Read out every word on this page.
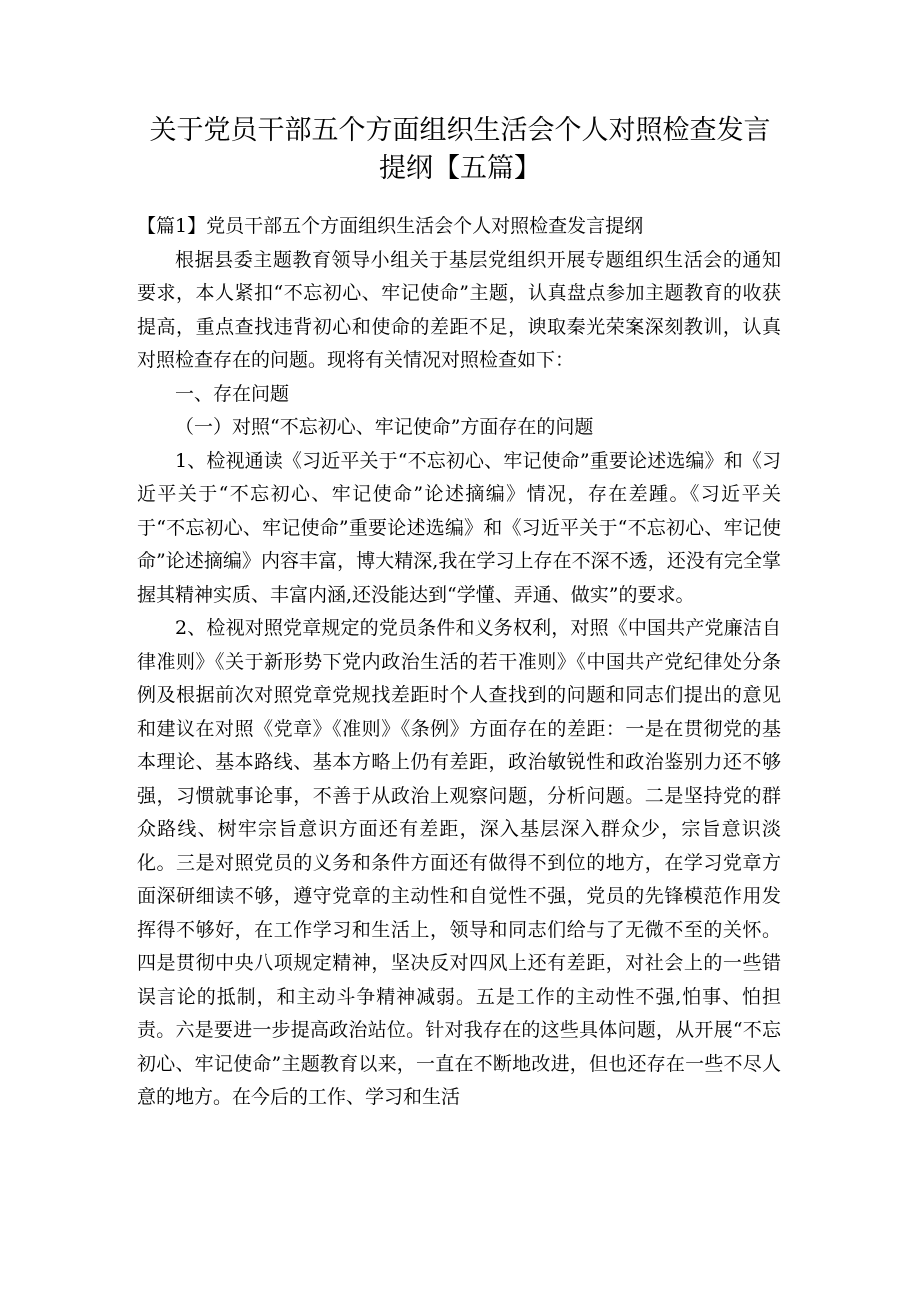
关于党员干部五个方面组织生活会个人对照检查发言
提纲【五篇】

【篇1】党员干部五个方面组织生活会个人对照检查发言提纲

根据县委主题教育领导小组关于基层党组织开展专题组织生活会的通知要求，本人紧扣“不忘初心、牢记使命”主题，认真盘点参加主题教育的收获提高，重点查找违背初心和使命的差距不足，谀取秦光荣案深刻教训，认真对照检查存在的问题。现将有关情况对照检查如下：

一、存在问题

（一）对照“不忘初心、牢记使命”方面存在的问题

1、检视通读《习近平关于“不忘初心、牢记使命”重要论述选编》和《习近平关于“不忘初心、牢记使命”论述摘编》情况，存在差踵。《习近平关于“不忘初心、牢记使命”重要论述选编》和《习近平关于“不忘初心、牢记使命”论述摘编》内容丰富，博大精深,我在学习上存在不深不透，还没有完全掌握其精神实质、丰富内涵,还没能达到“学懂、弄通、做实”的要求。

2、检视对照党章规定的党员条件和义务权利，对照《中国共产党廉洁自律准则》《关于新形势下党内政治生活的若干准则》《中国共产党纪律处分条例及根据前次对照党章党规找差距时个人查找到的问题和同志们提出的意见和建议在对照《党章》《准则》《条例》方面存在的差距：一是在贯彻党的基本理论、基本路线、基本方略上仍有差距，政治敏锐性和政治鉴别力还不够强，习惯就事论事，不善于从政治上观察问题，分析问题。二是坚持党的群众路线、树牢宗旨意识方面还有差距，深入基层深入群众少，宗旨意识淡化。三是对照党员的义务和条件方面还有做得不到位的地方，在学习党章方面深研细读不够，遵守党章的主动性和自觉性不强，党员的先锋模范作用发挥得不够好，在工作学习和生活上，领导和同志们给与了无微不至的关怀。四是贯彻中央八项规定精神，坚决反对四风上还有差距，对社会上的一些错误言论的抵制，和主动斗争精神减弱。五是工作的主动性不强,怕事、怕担责。六是要进一步提高政治站位。针对我存在的这些具体问题，从开展“不忘初心、牢记使命”主题教育以来，一直在不断地改进，但也还存在一些不尽人意的地方。在今后的工作、学习和生活
